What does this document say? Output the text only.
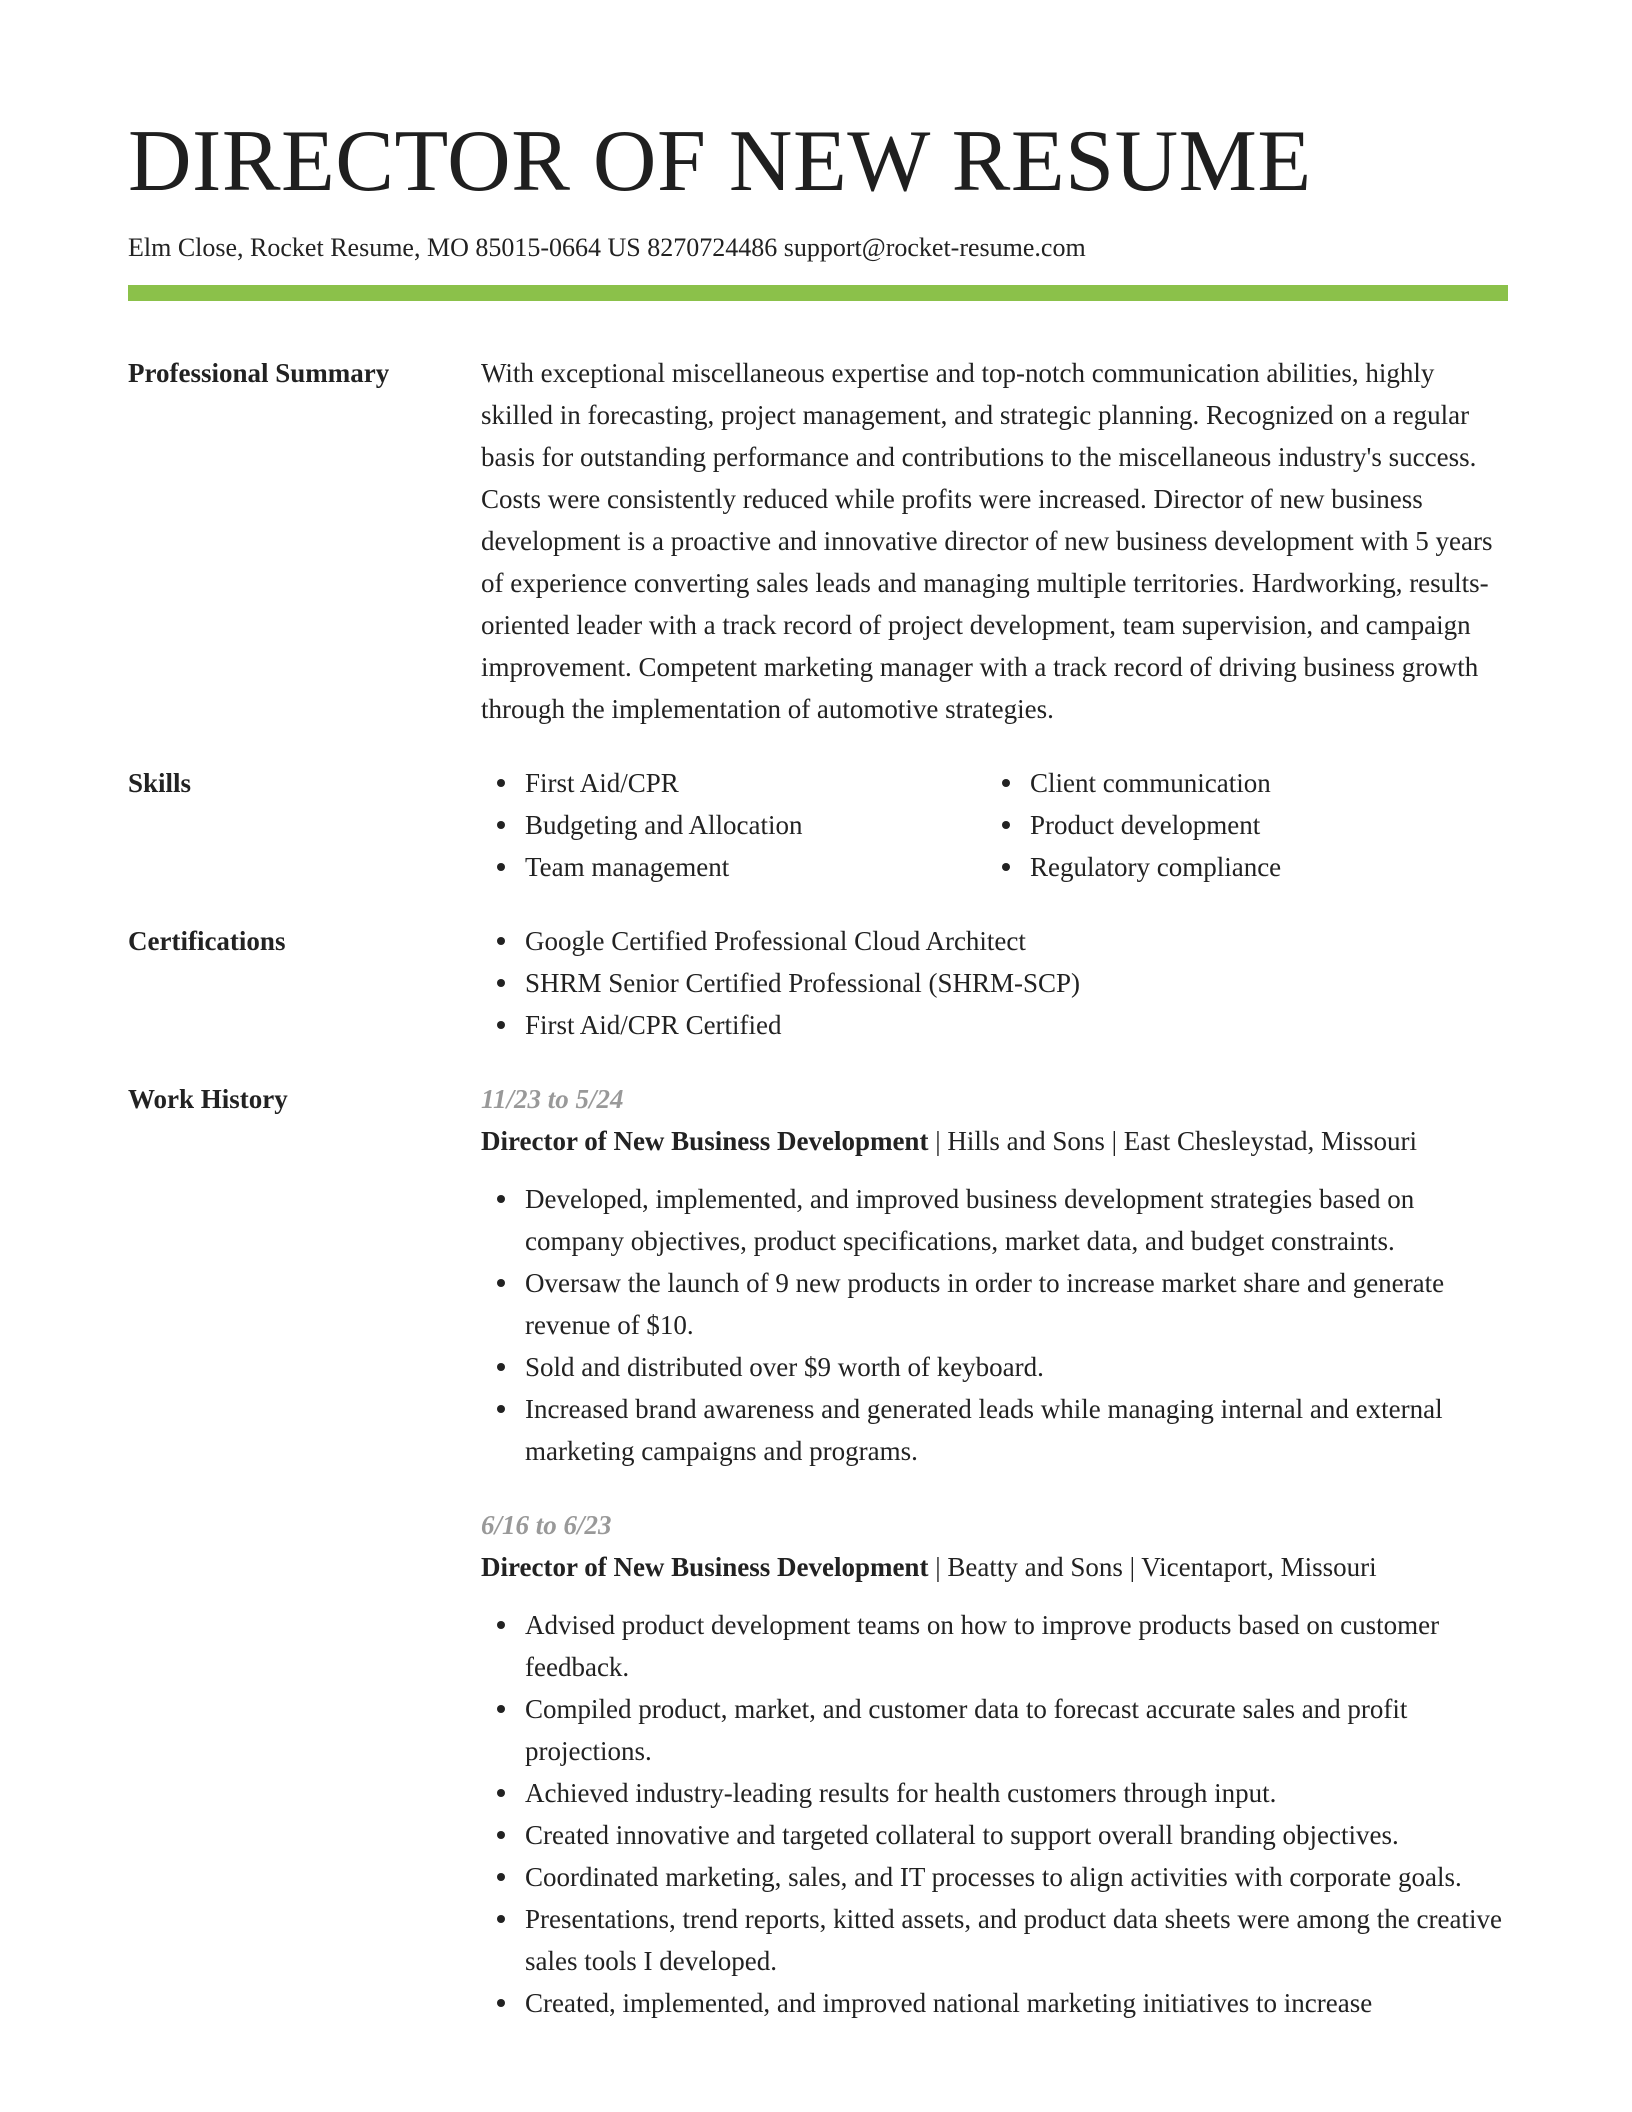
DIRECTOR OF NEW RESUME
Elm Close, Rocket Resume, MO 85015-0664 US 8270724486 support@rocket-resume.com
Professional Summary	With exceptional miscellaneous expertise and top-notch communication abilities, highly skilled in forecasting, project management, and strategic planning. Recognized on a regular basis for outstanding performance and contributions to the miscellaneous industry's success. Costs were consistently reduced while profits were increased. Director of new business development is a proactive and innovative director of new business development with 5 years of experience converting sales leads and managing multiple territories. Hardworking, results-oriented leader with a track record of project development, team supervision, and campaign improvement. Competent marketing manager with a track record of driving business growth through the implementation of automotive strategies.

Skills	First Aid/CPR
Budgeting and Allocation
Team management
Client communication
Product development
Regulatory compliance
Certifications	Google Certified Professional Cloud Architect
SHRM Senior Certified Professional (SHRM-SCP)
First Aid/CPR Certified
Work History	11/23 to 5/24
Director of New Business Development | Hills and Sons | East Chesleystad, Missouri
Developed, implemented, and improved business development strategies based on company objectives, product specifications, market data, and budget constraints.
Oversaw the launch of 9 new products in order to increase market share and generate revenue of $10.
Sold and distributed over $9 worth of keyboard.
Increased brand awareness and generated leads while managing internal and external marketing campaigns and programs.
6/16 to 6/23
Director of New Business Development | Beatty and Sons | Vicentaport, Missouri
Advised product development teams on how to improve products based on customer feedback.
Compiled product, market, and customer data to forecast accurate sales and profit projections.
Achieved industry-leading results for health customers through input.
Created innovative and targeted collateral to support overall branding objectives.
Coordinated marketing, sales, and IT processes to align activities with corporate goals.
Presentations, trend reports, kitted assets, and product data sheets were among the creative sales tools I developed.
Created, implemented, and improved national marketing initiatives to increase
